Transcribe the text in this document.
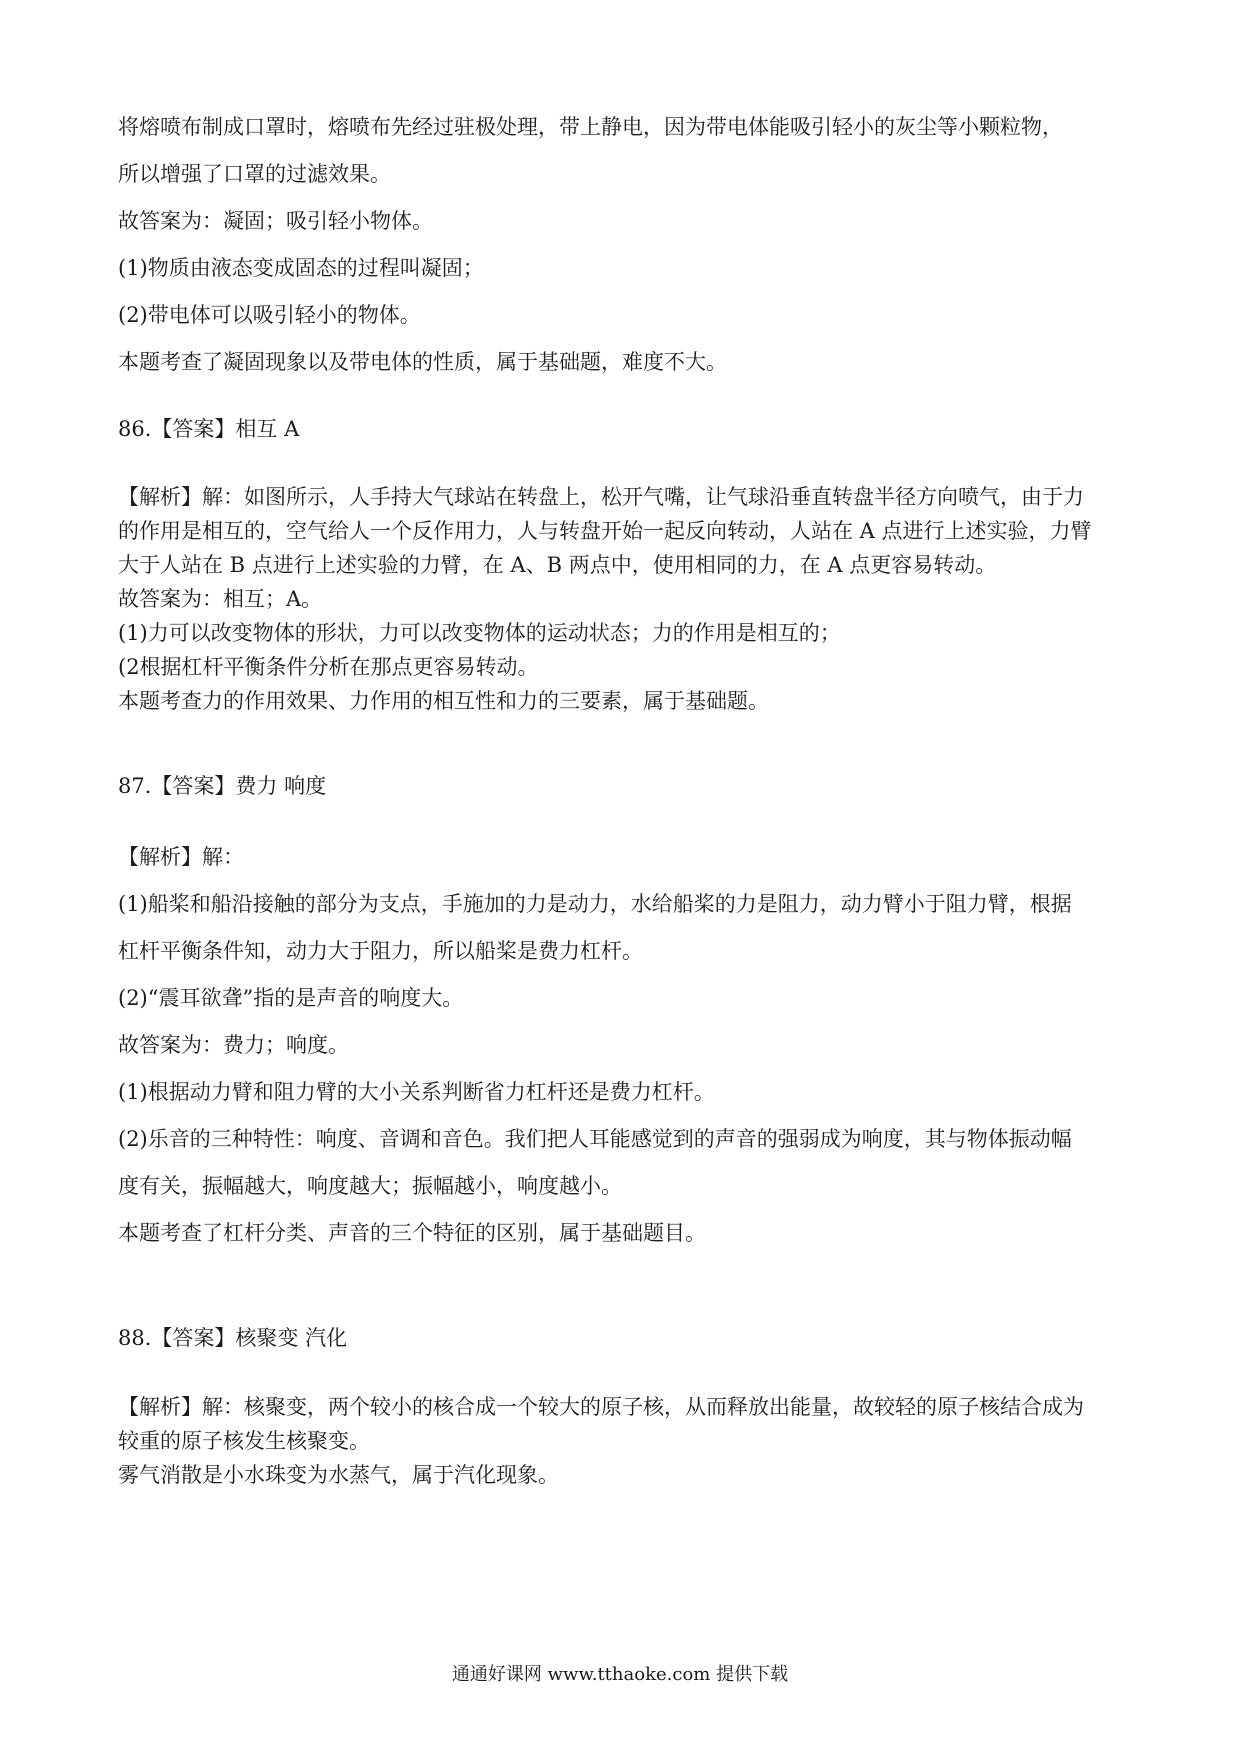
将熔喷布制成口罩时，熔喷布先经过驻极处理，带上静电，因为带电体能吸引轻小的灰尘等小颗粒物，
所以增强了口罩的过滤效果。
故答案为：凝固；吸引轻小物体。
(1)物质由液态变成固态的过程叫凝固；
(2)带电体可以吸引轻小的物体。
本题考查了凝固现象以及带电体的性质，属于基础题，难度不大。
86.【答案】相互 A
【解析】解：如图所示，人手持大气球站在转盘上，松开气嘴，让气球沿垂直转盘半径方向喷气，由于力
的作用是相互的，空气给人一个反作用力，人与转盘开始一起反向转动，人站在 A 点进行上述实验，力臂
大于人站在 B 点进行上述实验的力臂，在 A、B 两点中，使用相同的力，在 A 点更容易转动。
故答案为：相互；A。
(1)力可以改变物体的形状，力可以改变物体的运动状态；力的作用是相互的；
(2根据杠杆平衡条件分析在那点更容易转动。
本题考查力的作用效果、力作用的相互性和力的三要素，属于基础题。
87.【答案】费力 响度
【解析】解：
(1)船桨和船沿接触的部分为支点，手施加的力是动力，水给船桨的力是阻力，动力臂小于阻力臂，根据
杠杆平衡条件知，动力大于阻力，所以船桨是费力杠杆。
(2)“震耳欲聋”指的是声音的响度大。
故答案为：费力；响度。
(1)根据动力臂和阻力臂的大小关系判断省力杠杆还是费力杠杆。
(2)乐音的三种特性：响度、音调和音色。我们把人耳能感觉到的声音的强弱成为响度，其与物体振动幅
度有关，振幅越大，响度越大；振幅越小，响度越小。
本题考查了杠杆分类、声音的三个特征的区别，属于基础题目。
88.【答案】核聚变 汽化
【解析】解：核聚变，两个较小的核合成一个较大的原子核，从而释放出能量，故较轻的原子核结合成为
较重的原子核发生核聚变。
雾气消散是小水珠变为水蒸气，属于汽化现象。
通通好课网 www.tthaoke.com 提供下载
